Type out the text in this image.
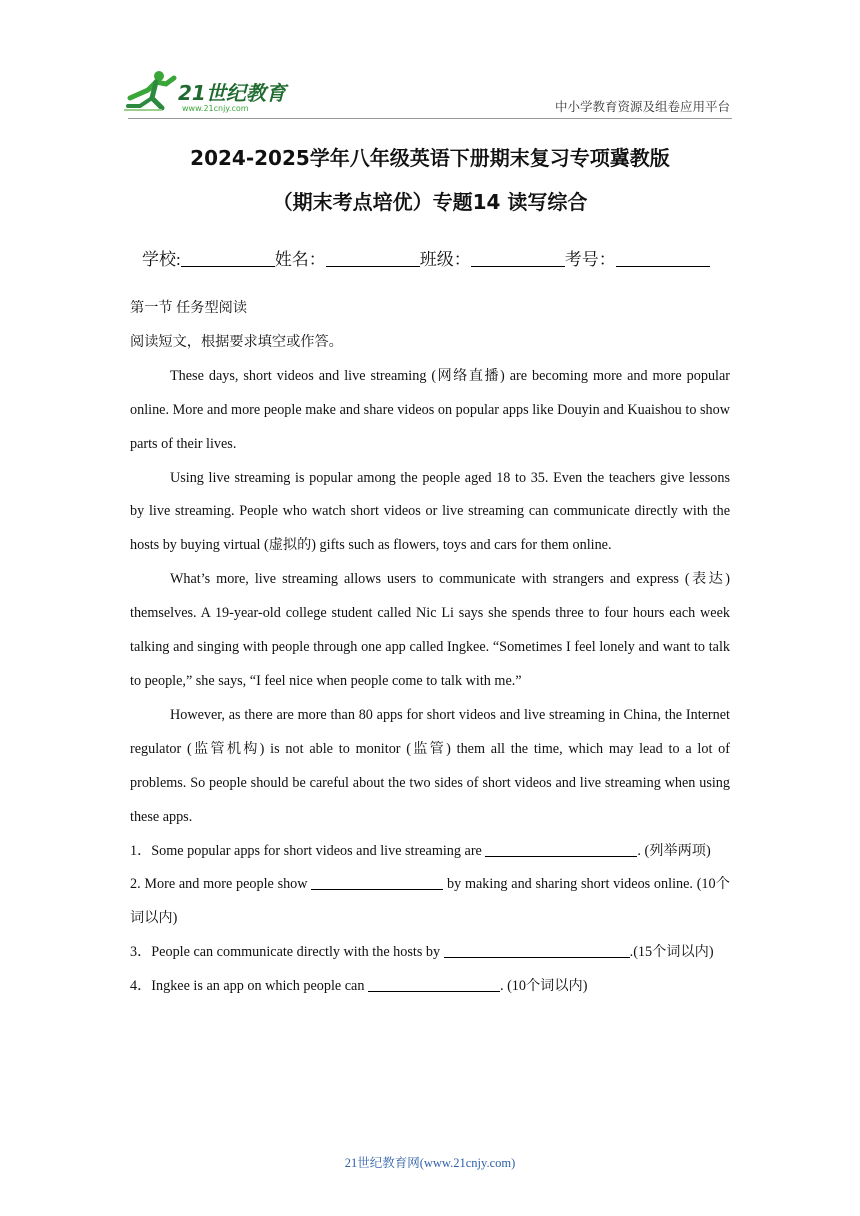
21世纪教育
www.21cnjy.com	中小学教育资源及组卷应用平台
2024-2025学年八年级英语下册期末复习专项冀教版
（期末考点培优）专题14 读写综合
学校:	姓名：	班级：	考号：

第一节 任务型阅读

阅读短文，根据要求填空或作答。

These days, short videos and live streaming (网络直播) are becoming more and more popular online. More and more people make and share videos on popular apps like Douyin and Kuaishou to show parts of their lives.

Using live streaming is popular among the people aged 18 to 35. Even the teachers give lessons by live streaming. People who watch short videos or live streaming can communicate directly with the hosts by buying virtual (虚拟的) gifts such as flowers, toys and cars for them online.

What’s more, live streaming allows users to communicate with strangers and express (表达) themselves. A 19-year-old college student called Nic Li says she spends three to four hours each week talking and singing with people through one app called Ingkee. “Sometimes I feel lonely and want to talk to people,” she says, “I feel nice when people come to talk with me.”

However, as there are more than 80 apps for short videos and live streaming in China, the Internet regulator (监管机构) is not able to monitor (监管) them all the time, which may lead to a lot of problems. So people should be careful about the two sides of short videos and live streaming when using these apps.

1．Some popular apps for short videos and live streaming are	. (列举两项)

2. More and more people show	by making and sharing short videos online. (10个词以内)

3．People can communicate directly with the hosts by	.(15个词以内)

4．Ingkee is an app on which people can	. (10个词以内)

21世纪教育网(www.21cnjy.com)
